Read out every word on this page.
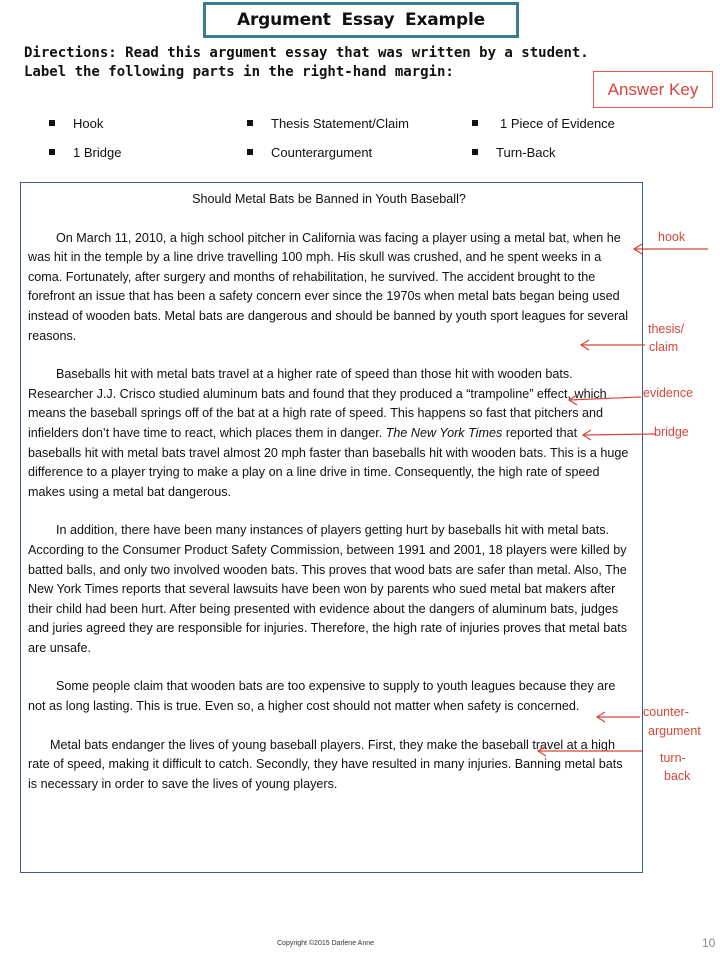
Argument Essay Example
Directions: Read this argument essay that was written by a student.
Label the following parts in the right-hand margin:
Answer Key
Hook	Thesis Statement/Claim	1 Piece of Evidence
1 Bridge	Counterargument	Turn-Back
Should Metal Bats be Banned in Youth Baseball?

On March 11, 2010, a high school pitcher in California was facing a player using a metal bat, when he was hit in the temple by a line drive travelling 100 mph. His skull was crushed, and he spent weeks in a coma. Fortunately, after surgery and months of rehabilitation, he survived. The accident brought to the forefront an issue that has been a safety concern ever since the 1970s when metal bats began being used instead of wooden bats. Metal bats are dangerous and should be banned by youth sport leagues for several reasons.

Baseballs hit with metal bats travel at a higher rate of speed than those hit with wooden bats. Researcher J.J. Crisco studied aluminum bats and found that they produced a “trampoline” effect, which means the baseball springs off of the bat at a high rate of speed. This happens so fast that pitchers and infielders don’t have time to react, which places them in danger. The New York Times reported that baseballs hit with metal bats travel almost 20 mph faster than baseballs hit with wooden bats. This is a huge difference to a player trying to make a play on a line drive in time. Consequently, the high rate of speed makes using a metal bat dangerous.

In addition, there have been many instances of players getting hurt by baseballs hit with metal bats. According to the Consumer Product Safety Commission, between 1991 and 2001, 18 players were killed by batted balls, and only two involved wooden bats. This proves that wood bats are safer than metal. Also, The New York Times reports that several lawsuits have been won by parents who sued metal bat makers after their child had been hurt. After being presented with evidence about the dangers of aluminum bats, judges and juries agreed they are responsible for injuries. Therefore, the high rate of injuries proves that metal bats are unsafe.

Some people claim that wooden bats are too expensive to supply to youth leagues because they are not as long lasting. This is true. Even so, a higher cost should not matter when safety is concerned.

Metal bats endanger the lives of young baseball players. First, they make the baseball travel at a high rate of speed, making it difficult to catch. Secondly, they have resulted in many injuries. Banning metal bats is necessary in order to save the lives of young players.

hook
thesis/
claim
evidence
bridge
counter-
argument
turn-
back
Copyright ©2015 Darlene Anne	10
